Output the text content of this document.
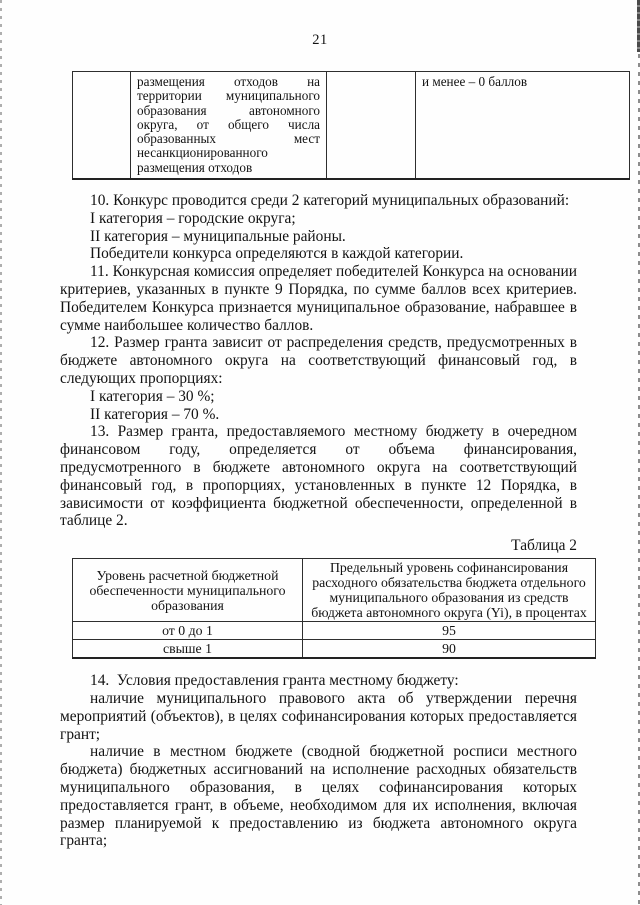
21
	размещения отходов на территории муниципального образования автономного округа, от общего числа образованных мест несанкционированного размещения отходов		и менее – 0 баллов

10. Конкурс проводится среди 2 категорий муниципальных образований:

I категория – городские округа;

II категория – муниципальные районы.

Победители конкурса определяются в каждой категории.

11. Конкурсная комиссия определяет победителей Конкурса на основании критериев, указанных в пункте 9 Порядка, по сумме баллов всех критериев. Победителем Конкурса признается муниципальное образование, набравшее в сумме наибольшее количество баллов.

12. Размер гранта зависит от распределения средств, предусмотренных в бюджете автономного округа на соответствующий финансовый год, в следующих пропорциях:

I категория – 30 %;

II категория – 70 %.

13. Размер гранта, предоставляемого местному бюджету в очередном финансовом году, определяется от объема финансирования, предусмотренного в бюджете автономного округа на соответствующий финансовый год, в пропорциях, установленных в пункте 12 Порядка, в зависимости от коэффициента бюджетной обеспеченности, определенной в таблице 2.

Таблица 2
Уровень расчетной бюджетной обеспеченности муниципального образования	Предельный уровень софинансирования расходного обязательства бюджета отдельного муниципального образования из средств бюджета автономного округа (Yi), в процентах
от 0 до 1	95
свыше 1	90

14.  Условия предоставления гранта местному бюджету:

наличие муниципального правового акта об утверждении перечня мероприятий (объектов), в целях софинансирования которых предоставляется грант;

наличие в местном бюджете (сводной бюджетной росписи местного бюджета) бюджетных ассигнований на исполнение расходных обязательств муниципального образования, в целях софинансирования которых предоставляется грант, в объеме, необходимом для их исполнения, включая размер планируемой к предоставлению из бюджета автономного округа гранта;
